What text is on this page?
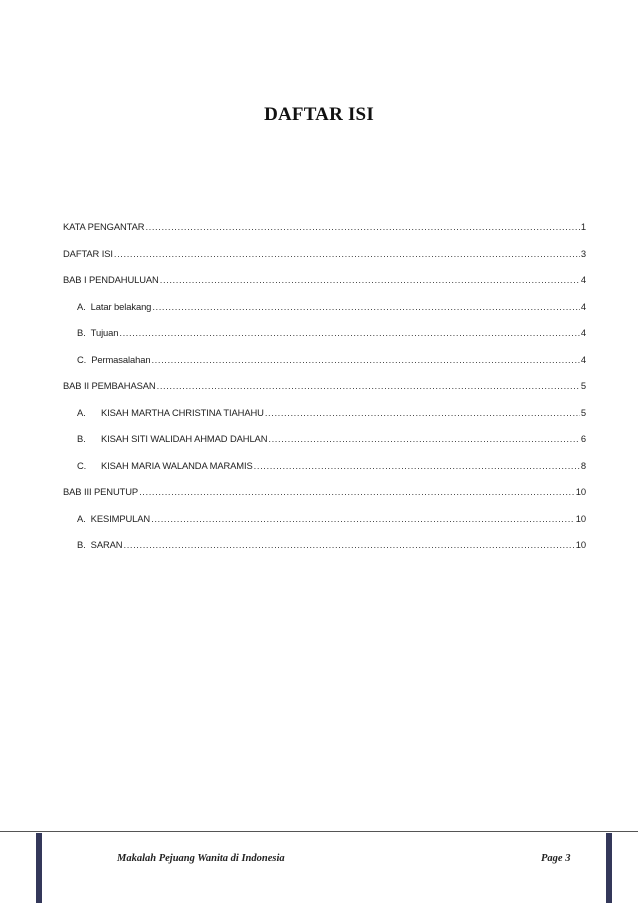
DAFTAR ISI
KATA PENGANTAR .....	1
DAFTAR ISI .....	3
BAB I PENDAHULUAN .....	4
A. Latar belakang .....	4
B. Tujuan .....	4
C. Permasalahan .....	4
BAB II PEMBAHASAN .....	5
A.	KISAH MARTHA CHRISTINA TIAHAHU .....	5
B.	KISAH SITI WALIDAH AHMAD DAHLAN .....	6
C.	KISAH MARIA WALANDA MARAMIS .....	8
BAB III PENUTUP .....	10
A. KESIMPULAN .....	10
B. SARAN .....	10
Makalah Pejuang Wanita di Indonesia	Page 3
